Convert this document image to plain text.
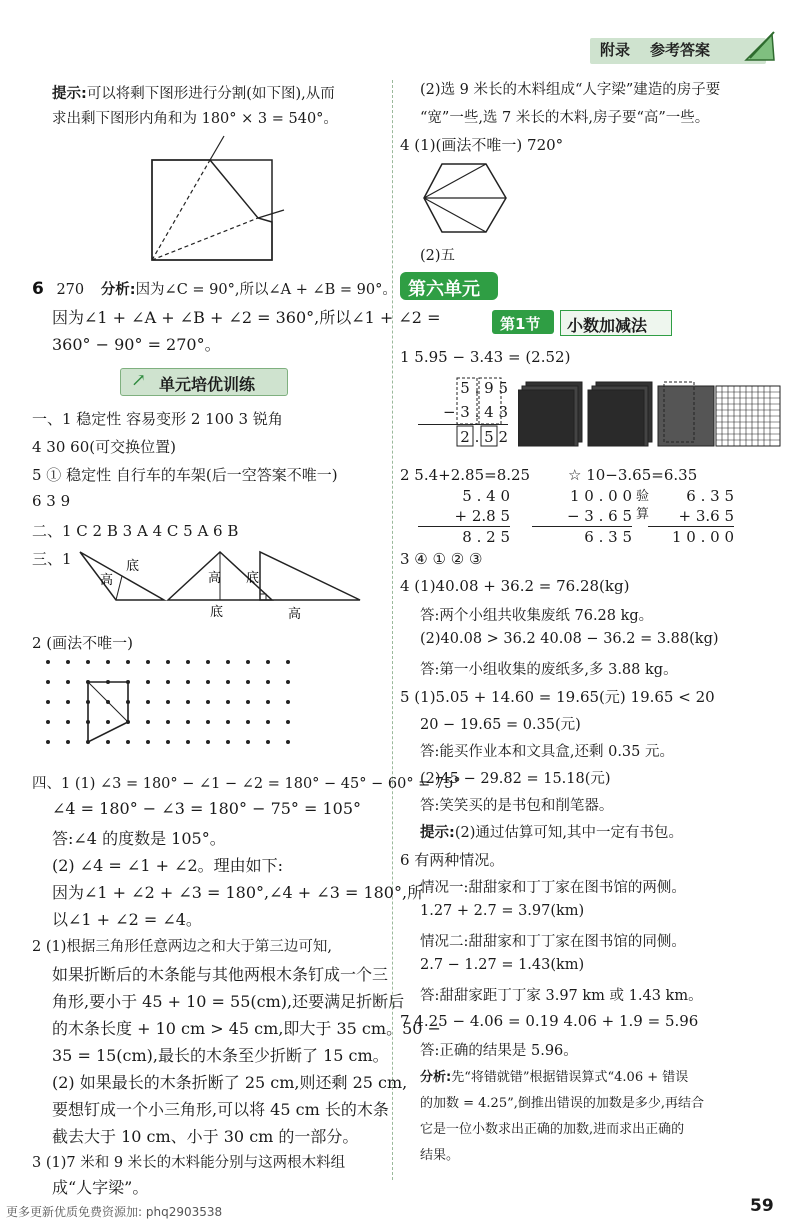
附录 参考答案
提示:可以将剩下图形进行分割(如下图),从而
求出剩下图形内角和为 180° × 3 = 540°。
6 270 分析:因为∠C = 90°,所以∠A + ∠B = 90°。
因为∠1 + ∠A + ∠B + ∠2 = 360°,所以∠1 + ∠2 =
360° − 90° = 270°。
↗ 单元培优训练
一、1 稳定性 容易变形 2 100 3 锐角
4 30 60(可交换位置)
5 ① 稳定性 自行车的车架(后一空答案不唯一)
6 3 9
二、1 C 2 B 3 A 4 C 5 A 6 B
三、1
高
底
高
底
底
高
2 (画法不唯一)
四、1 (1) ∠3 = 180° − ∠1 − ∠2 = 180° − 45° − 60° = 75°
∠4 = 180° − ∠3 = 180° − 75° = 105°
答:∠4 的度数是 105°。
(2) ∠4 = ∠1 + ∠2。理由如下:
因为∠1 + ∠2 + ∠3 = 180°,∠4 + ∠3 = 180°,所
以∠1 + ∠2 = ∠4。
2 (1)根据三角形任意两边之和大于第三边可知,
如果折断后的木条能与其他两根木条钉成一个三
角形,要小于 45 + 10 = 55(cm),还要满足折断后
的木条长度 + 10 cm > 45 cm,即大于 35 cm。50 −
35 = 15(cm),最长的木条至少折断了 15 cm。
(2) 如果最长的木条折断了 25 cm,则还剩 25 cm,
要想钉成一个小三角形,可以将 45 cm 长的木条
截去大于 10 cm、小于 30 cm 的一部分。
3 (1)7 米和 9 米长的木料能分别与这两根木料组
成“人字梁”。
(2)选 9 米长的木料组成“人字梁”建造的房子要
“宽”一些,选 7 米长的木料,房子要“高”一些。
4 (1)(画法不唯一) 720°
(2)五
第六单元
第1节 小数加减法
1 5.95 − 3.43 = (2.52)
5 . 9 5
− 3 . 4 3
2 . 5 2
2 5.4+2.85=8.25	☆ 10−3.65=6.35
5 . 4 0
+ 2.8 5
8 . 2 5
1 0 . 0 0
− 3 . 6 5
6 . 3 5
验算
6 . 3 5
+ 3.6 5
1 0 . 0 0
3 ④ ① ② ③
4 (1)40.08 + 36.2 = 76.28(kg)
答:两个小组共收集废纸 76.28 kg。
(2)40.08 > 36.2 40.08 − 36.2 = 3.88(kg)
答:第一小组收集的废纸多,多 3.88 kg。
5 (1)5.05 + 14.60 = 19.65(元) 19.65 < 20
20 − 19.65 = 0.35(元)
答:能买作业本和文具盒,还剩 0.35 元。
(2)45 − 29.82 = 15.18(元)
答:笑笑买的是书包和削笔器。
提示:(2)通过估算可知,其中一定有书包。
6 有两种情况。
情况一:甜甜家和丁丁家在图书馆的两侧。
1.27 + 2.7 = 3.97(km)
情况二:甜甜家和丁丁家在图书馆的同侧。
2.7 − 1.27 = 1.43(km)
答:甜甜家距丁丁家 3.97 km 或 1.43 km。
7 4.25 − 4.06 = 0.19 4.06 + 1.9 = 5.96
答:正确的结果是 5.96。
分析:先“将错就错”根据错误算式“4.06 + 错误
的加数 = 4.25”,倒推出错误的加数是多少,再结合
它是一位小数求出正确的加数,进而求出正确的
结果。
更多更新优质免费资源加: phq2903538	59
